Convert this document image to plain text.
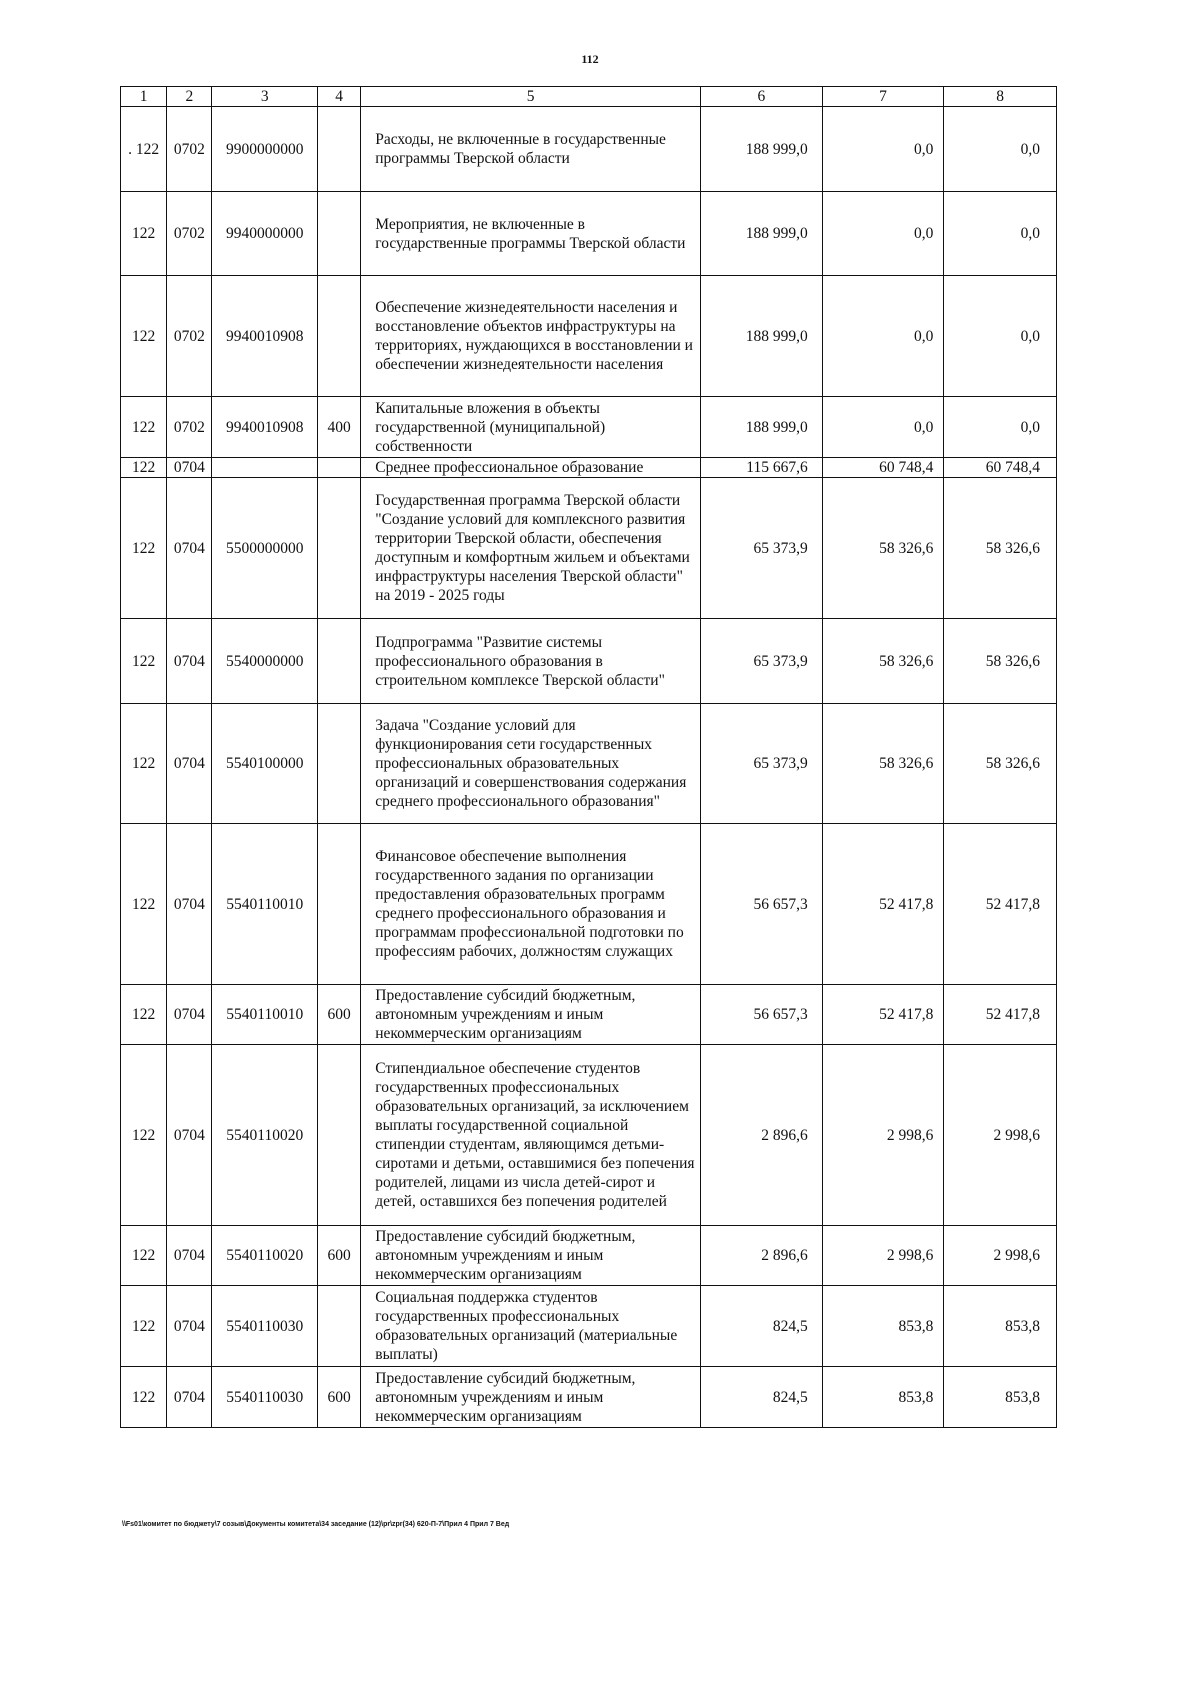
112
1	2	3	4	5	6	7	8
. 122	0702	9900000000		Расходы, не включенные в государственные программы Тверской области	188 999,0	0,0	0,0
122	0702	9940000000		Мероприятия, не включенные в государственные программы Тверской области	188 999,0	0,0	0,0
122	0702	9940010908		Обеспечение жизнедеятельности населения и восстановление объектов инфраструктуры на территориях, нуждающихся в восстановлении и обеспечении жизнедеятельности населения	188 999,0	0,0	0,0
122	0702	9940010908	400	Капитальные вложения в объекты государственной (муниципальной) собственности	188 999,0	0,0	0,0
122	0704			Среднее профессиональное образование	115 667,6	60 748,4	60 748,4
122	0704	5500000000		Государственная программа Тверской области "Создание условий для комплексного развития территории Тверской области, обеспечения доступным и комфортным жильем и объектами инфраструктуры населения Тверской области" на 2019 - 2025 годы	65 373,9	58 326,6	58 326,6
122	0704	5540000000		Подпрограмма "Развитие системы профессионального образования в строительном комплексе Тверской области"	65 373,9	58 326,6	58 326,6
122	0704	5540100000		Задача "Создание условий для функционирования сети государственных профессиональных образовательных организаций и совершенствования содержания среднего профессионального образования"	65 373,9	58 326,6	58 326,6
122	0704	5540110010		Финансовое обеспечение выполнения государственного задания по организации предоставления образовательных программ среднего профессионального образования и программам профессиональной подготовки по профессиям рабочих, должностям служащих	56 657,3	52 417,8	52 417,8
122	0704	5540110010	600	Предоставление субсидий бюджетным, автономным учреждениям и иным некоммерческим организациям	56 657,3	52 417,8	52 417,8
122	0704	5540110020		Стипендиальное обеспечение студентов государственных профессиональных образовательных организаций, за исключением выплаты государственной социальной стипендии студентам, являющимся детьми-сиротами и детьми, оставшимися без попечения родителей, лицами из числа детей-сирот и детей, оставшихся без попечения родителей	2 896,6	2 998,6	2 998,6
122	0704	5540110020	600	Предоставление субсидий бюджетным, автономным учреждениям и иным некоммерческим организациям	2 896,6	2 998,6	2 998,6
122	0704	5540110030		Социальная поддержка студентов государственных профессиональных образовательных организаций (материальные выплаты)	824,5	853,8	853,8
122	0704	5540110030	600	Предоставление субсидий бюджетным, автономным учреждениям и иным некоммерческим организациям	824,5	853,8	853,8
\\Fs01\комитет по бюджету\7 созыв\Документы комитета\34 заседание (12)\pr\zpr(34) 620-П-7\Прил 4 Прил 7 Вед
